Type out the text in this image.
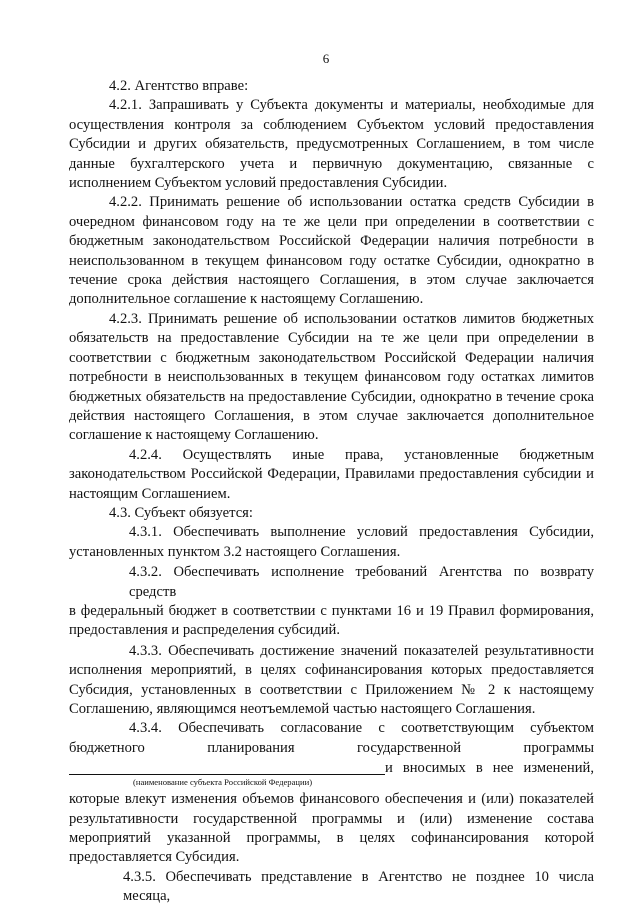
6
4.2. Агентство вправе:
4.2.1. Запрашивать у Субъекта документы и материалы, необходимые для
осуществления контроля за соблюдением Субъектом условий предоставления
Субсидии и других обязательств, предусмотренных Соглашением, в том числе
данные бухгалтерского учета и первичную документацию, связанные с
исполнением Субъектом условий предоставления Субсидии.
4.2.2. Принимать решение об использовании остатка средств Субсидии в
очередном финансовом году на те же цели при определении в соответствии с
бюджетным законодательством Российской Федерации наличия потребности в
неиспользованном в текущем финансовом году остатке Субсидии, однократно в
течение срока действия настоящего Соглашения, в этом случае заключается
дополнительное соглашение к настоящему Соглашению.
4.2.3. Принимать решение об использовании остатков лимитов бюджетных
обязательств на предоставление Субсидии на те же цели при определении в
соответствии с бюджетным законодательством Российской Федерации наличия
потребности в неиспользованных в текущем финансовом году остатках лимитов
бюджетных обязательств на предоставление Субсидии, однократно в течение срока
действия настоящего Соглашения, в этом случае заключается дополнительное
соглашение к настоящему Соглашению.
4.2.4. Осуществлять иные права, установленные бюджетным
законодательством Российской Федерации, Правилами предоставления субсидии и
настоящим Соглашением.
4.3. Субъект обязуется:
4.3.1. Обеспечивать выполнение условий предоставления Субсидии,
установленных пунктом 3.2 настоящего Соглашения.
4.3.2. Обеспечивать исполнение требований Агентства по возврату средств
в федеральный бюджет в соответствии с пунктами 16 и 19 Правил формирования,
предоставления и распределения субсидий.
4.3.3. Обеспечивать достижение значений показателей результативности
исполнения мероприятий, в целях софинансирования которых предоставляется
Субсидия, установленных в соответствии с Приложением № 2 к настоящему
Соглашению, являющимся неотъемлемой частью настоящего Соглашения.
4.3.4. Обеспечивать согласование с соответствующим субъектом
бюджетного планирования государственной программы
и вносимых в нее изменений,
(наименование субъекта Российской Федерации)
которые влекут изменения объемов финансового обеспечения и (или) показателей
результативности государственной программы и (или) изменение состава
мероприятий указанной программы, в целях софинансирования которой
предоставляется Субсидия.
4.3.5. Обеспечивать представление в Агентство не позднее 10 числа месяца,
